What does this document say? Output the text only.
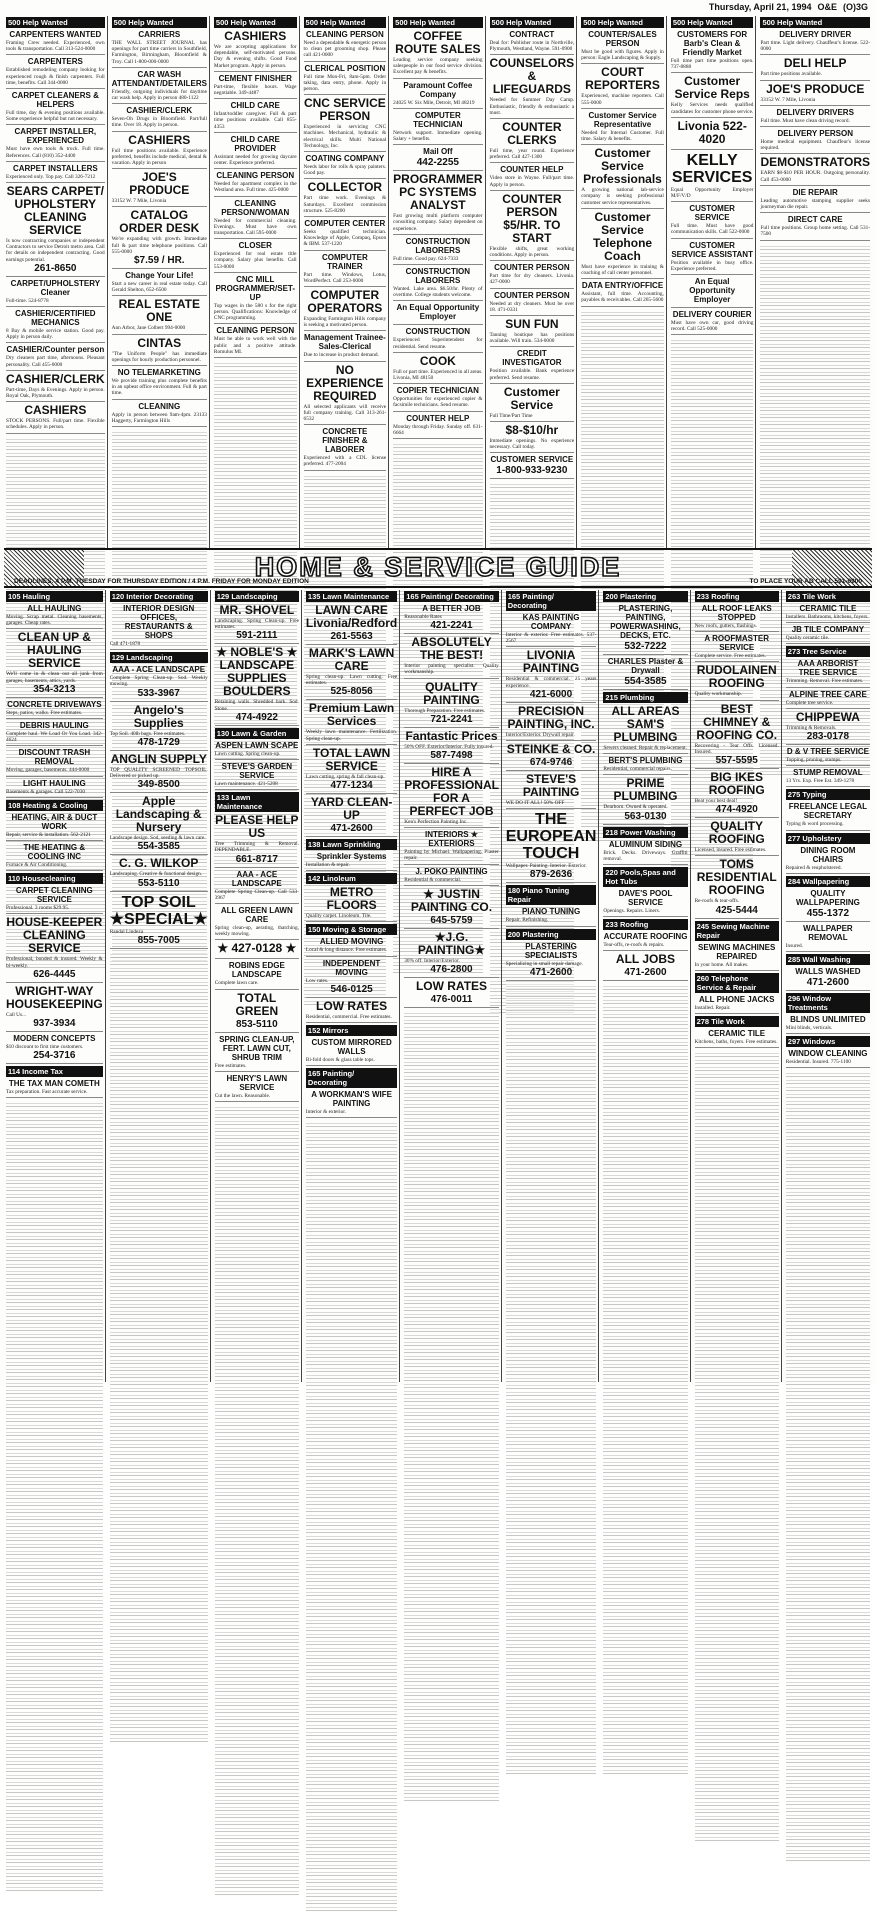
Thursday, April 21, 1994 O&E (O)3G
500 Help Wanted
CARPENTERS WANTED
Framing Crew needed. Experienced, own tools & transportation. Call 313-524-0000
CARPENTERS
Established remodeling company looking for experienced rough & finish carpenters. Full time, benefits. Call 344-0000
CARPET CLEANERS & HELPERS
Full time, day & evening positions available. Some experience helpful but not necessary.
CARPET INSTALLER, EXPERIENCED
Must have own tools & truck. Full time. References. Call (810) 352-4400
CARPET INSTALLERS
Experienced only. Top pay. Call 326-7212
SEARS CARPET/ UPHOLSTERY CLEANING SERVICE
Is now contracting companies or independent Contractors to service Detroit metro area. Call for details on independent contracting. Good earnings potential.
261-8650
CARPET/UPHOLSTERY Cleaner
Full-time. 524-8778
CASHIER/CERTIFIED MECHANICS
8 Bay & mobile service station. Good pay. Apply in person daily.
CASHIER/Counter person
Dry cleaners part time, afternoons. Pleasant personality. Call 455-0000
CASHIER/CLERK
Part-time, Days & Evenings. Apply in person. Royal Oak, Plymouth.
CASHIERS
STOCK PERSONS. Full/part time. Flexible schedules. Apply in person.
500 Help Wanted
CARRIERS
THE WALL STREET JOURNAL has openings for part time carriers in Southfield, Farmington, Birmingham, Bloomfield & Troy. Call 1-800-000-0000
CAR WASH ATTENDANT/DETAILERS
Friendly, outgoing individuals for daytime car wash help. Apply in person 480-1122
CASHIER/CLERK
Seven-Oh Drugs in Bloomfield. Part/full time. Over 18. Apply in person.
CASHIERS
Full time positions available. Experience preferred, benefits include medical, dental & vacation. Apply in person
JOE'S PRODUCE
33152 W. 7 Mile, Livonia
CATALOG ORDER DESK
We're expanding with growth. Immediate full & part time telephone positions. Call 555-0000
$7.59 / HR.
Change Your Life!
Start a new career in real estate today. Call Gerald Shelton, 652-6500
REAL ESTATE ONE
Ann Arbor, Jane Colbert 994-0000
CINTAS
"The Uniform People" has immediate openings for hourly production personnel.
NO TELEMARKETING
We provide training plus complete benefits in an upbeat office environment. Full & part time.
CLEANING
Apply in person between 9am-4pm. 23133 Haggerty, Farmington Hills
500 Help Wanted
CASHIERS
We are accepting applications for dependable, self-motivated persons. Day & evening shifts. Good Food Market program. Apply in person.
CEMENT FINISHER
Part-time, flexible hours. Wage negotiable. 349-4487
CHILD CARE
Infant/toddler caregiver. Full & part time positions available. Call 855-4353
CHILD CARE PROVIDER
Assistant needed for growing daycare center. Experience preferred.
CLEANING PERSON
Needed for apartment complex in the Westland area. Full time. 425-0000
CLEANING PERSON/WOMAN
Needed for commercial cleaning. Evenings. Must have own transportation. Call 595-0000
CLOSER
Experienced for real estate title company. Salary plus benefits. Call 553-0000
CNC MILL PROGRAMMER/SET-UP
Top wages in the 580 s for the right person. Qualifications: Knowledge of CNC programming.
CLEANING PERSON
Must be able to work well with the public and a positive attitude. Romulus MI.
500 Help Wanted
CLEANING PERSON
Need a dependable & energetic person to clean pet grooming shop. Please call 421-0000
CLERICAL POSITION
Full time Mon-Fri, 8am-5pm. Order taking, data entry, phone. Apply in person.
CNC SERVICE PERSON
Experienced in servicing CNC machines. Mechanical, hydraulic & electrical skills. Multi National Technology, Inc.
COATING COMPANY
Needs labor for rolls & spray painters. Good pay.
COLLECTOR
Part time work. Evenings & Saturdays. Excellent commission structure. 525-8200
COMPUTER CENTER
Seeks qualified technician. Knowledge of Apple, Compaq, Epson & IBM. 537-1220
COMPUTER TRAINER
Part time. Windows, Lotus, WordPerfect. Call 253-0000
COMPUTER OPERATORS
Expanding Farmington Hills company is seeking a motivated person.
Management Trainee-Sales-Clerical
Due to increase in product demand.
NO EXPERIENCE REQUIRED
All selected applicants will receive full company training. Call 313-261-6532
CONCRETE FINISHER & LABORER
Experienced with a CDL license preferred. 477-2004
500 Help Wanted
COFFEE ROUTE SALES
Leading service company seeking salespeople in our food service division. Excellent pay & benefits.
Paramount Coffee Company
24025 W. Six Mile, Detroit, MI 48219
COMPUTER TECHNICIAN
Network support. Immediate opening. Salary + benefits.
Mail Off
442-2255
PROGRAMMER PC SYSTEMS ANALYST
Fast growing multi platform computer consulting company. Salary dependent on experience.
CONSTRUCTION LABORERS
Full time. Good pay. 624-7333
CONSTRUCTION LABORERS
Wanted. Lake area. $6.50/hr. Plenty of overtime. College students welcome.
An Equal Opportunity Employer
CONSTRUCTION
Experienced Superintendent for residential. Send resume.
COOK
Full or part time. Experienced in all areas. Livonia, MI 48150
COPIER TECHNICIAN
Opportunities for experienced copier & facsimile technicians. Send resume.
COUNTER HELP
Monday through Friday. Sunday off. 631-6664
500 Help Wanted
CONTRACT
Deal for: Publisher route in Northville, Plymouth, Westland, Wayne. 591-0900
COUNSELORS & LIFEGUARDS
Needed for Summer Day Camp. Enthusiastic, friendly & enthusiastic a must.
COUNTER CLERKS
Full time, year round. Experience preferred. Call 427-1300
COUNTER HELP
Video store in Wayne. Full/part time. Apply in person.
COUNTER PERSON $5/HR. TO START
Flexible shifts, great working conditions. Apply in person.
COUNTER PERSON
Part time for dry cleaners. Livonia. 427-0000
COUNTER PERSON
Needed at dry cleaners. Must be over 18. 471-0331
SUN FUN
Tanning boutique has positions available. Will train. 534-0000
CREDIT INVESTIGATOR
Position available. Bank experience preferred. Send resume.
Customer Service
Full Time/Part Time
$8-$10/hr
Immediate openings. No experience necessary. Call today.
CUSTOMER SERVICE
1-800-933-9230
500 Help Wanted
COUNTER/SALES PERSON
Must be good with figures. Apply in person: Eagle Landscaping & Supply.
COURT REPORTERS
Experienced, machine reporters. Call 555-0000
Customer Service Representative
Needed for Internal Customer. Full time. Salary & benefits.
Customer Service Professionals
A growing national lab-service company is seeking professional customer service representatives.
Customer Service Telephone Coach
Must have experience in training & coaching of call center personnel.
DATA ENTRY/OFFICE
Assistant, full time. Accounting, payables & receivables. Call 265-5600
500 Help Wanted
CUSTOMERS FOR Barb's Clean & Friendly Market
Full time part time positions open. 737-8888
Customer Service Reps
Kelly Services needs qualified candidates for customer phone service.
Livonia 522-4020
KELLY SERVICES
Equal Opportunity Employer M/F/V/D
CUSTOMER SERVICE
Full time. Must have good communication skills. Call 522-0000
CUSTOMER SERVICE ASSISTANT
Position available in busy office. Experience preferred.
An Equal Opportunity Employer
DELIVERY COURIER
Must have own car, good driving record. Call 525-0000
500 Help Wanted
DELIVERY DRIVER
Part time. Light delivery. Chauffeur's license. 522-0000
DELI HELP
Part time positions available.
JOE'S PRODUCE
33152 W. 7 Mile, Livonia
DELIVERY DRIVERS
Full time. Must have clean driving record.
DELIVERY PERSON
Home medical equipment. Chauffeur's license required.
DEMONSTRATORS
EARN $8-$10 PER HOUR. Outgoing personality. Call 453-0000
DIE REPAIR
Leading automotive stamping supplier seeks journeyman die repair.
DIRECT CARE
Full time positions. Group home setting. Call 531-7500
HOME & SERVICE GUIDE
DEADLINES: 4 P.M. TUESDAY FOR THURSDAY EDITION / 4 P.M. FRIDAY FOR MONDAY EDITION	TO PLACE YOUR AD CALL 591-0900
105 Hauling
ALL HAULING
Moving. Scrap metal. Cleaning basements, garages. Cheap rates.
CLEAN UP & HAULING SERVICE
We'll come in & clean out all junk from garages, basements, attics, yards.
354-3213
CONCRETE DRIVEWAYS
Steps, patios, walks. Free estimates.
DEBRIS HAULING
Complete haul. We Load Or You Load. 342-4624
DISCOUNT TRASH REMOVAL
Moving, garages, basements. 444-0000
LIGHT HAULING
Basements & garages. Call 522-7030
108 Heating & Cooling
HEATING, AIR & DUCT WORK
Repair, service & installation. 562-2121
THE HEATING & COOLING INC
Furnace & Air Conditioning.
110 Housecleaning
CARPET CLEANING SERVICE
Professional. 3 rooms $29.95.
HOUSE-KEEPER CLEANING SERVICE
Professional, bonded & insured. Weekly & bi-weekly.
626-4445
WRIGHT-WAY HOUSEKEEPING
Call Us...
937-3934
MODERN CONCEPTS
$10 discount to first time customers.
254-3716
114 Income Tax
THE TAX MAN COMETH
Tax preparation. Fast accurate service.
120 Interior Decorating
INTERIOR DESIGN OFFICES, RESTAURANTS & SHOPS
Call 471-1878
129 Landscaping
AAA - ACE LANDSCAPE
Complete Spring Clean-up. Sod. Weekly mowing.
533-3967
Angelo's Supplies
Top Soil. 40lb bags. Free estimates.
478-1729
ANGLIN SUPPLY
TOP QUALITY SCREENED TOPSOIL. Delivered or picked up.
349-8500
Apple Landscaping & Nursery
Landscape design. Sod, seeding & lawn care.
554-3585
C. G. WILKOP
Landscaping. Creative & functional design.
553-5110
TOP SOIL ★SPECIAL★
Randal Lindeza
855-7005
129 Landscaping
MR. SHOVEL
Landscaping. Spring Clean-up. Free estimates.
591-2111
★ NOBLE'S ★ LANDSCAPE SUPPLIES BOULDERS
Retaining walls. Shredded bark. Sod. Stone.
474-4922
130 Lawn & Garden
ASPEN LAWN SCAPE
Lawn cutting. Spring clean-up.
STEVE'S GARDEN SERVICE
Lawn maintenance. 421-5208
133 Lawn Maintenance
PLEASE HELP US
Tree Trimming & Removal. DEPENDABLE.
661-8717
AAA - ACE LANDSCAPE
Complete Spring Clean-up. Call 533-3967
ALL GREEN LAWN CARE
Spring clean-up, aerating, thatching, weekly mowing.
★ 427-0128 ★
ROBINS EDGE LANDSCAPE
Complete lawn care.
TOTAL GREEN
853-5110
SPRING CLEAN-UP, FERT. LAWN CUT, SHRUB TRIM
Free estimates.
HENRY'S LAWN SERVICE
Cut the lawn. Reasonable.
135 Lawn Maintenance
LAWN CARE Livonia/Redford
261-5563
MARK'S LAWN CARE
Spring clean-up. Lawn cutting. Free estimates.
525-8056
Premium Lawn Services
Weekly lawn maintenance. Fertilization. Spring clean-up.
TOTAL LAWN SERVICE
Lawn cutting, spring & fall clean-up.
477-1234
YARD CLEAN-UP
471-2600
138 Lawn Sprinkling
Sprinkler Systems
Installation & repair.
142 Linoleum
METRO FLOORS
Quality carpet. Linoleum. Tile.
150 Moving & Storage
ALLIED MOVING
Local & long distance. Free estimates.
INDEPENDENT MOVING
Low rates.
546-0125
LOW RATES
Residential, commercial. Free estimates.
152 Mirrors
CUSTOM MIRRORED WALLS
Bi-fold doors & glass table tops.
165 Painting/ Decorating
A WORKMAN'S WIFE PAINTING
Interior & exterior.
165 Painting/ Decorating
A BETTER JOB
Reasonable Rates
421-2241
ABSOLUTELY THE BEST!
Interior painting specialist. Quality workmanship.
QUALITY PAINTING
Thorough Preparation. Free estimates.
721-2241
Fantastic Prices
50% OFF. Exterior/Interior. Fully insured.
587-7498
HIRE A PROFESSIONAL FOR A PERFECT JOB
Ken's Perfection Painting Inc.
INTERIORS ★ EXTERIORS
Painting by Michael. Wallpapering. Plaster repair.
J. POKO PAINTING
Residential & commercial.
★ JUSTIN PAINTING CO.
645-5759
★J.G. PAINTING★
30% off. Interior/Exterior.
476-2800
LOW RATES
476-0011
165 Painting/ Decorating
KAS PAINTING COMPANY
Interior & exterior. Free estimates. 537-2567
LIVONIA PAINTING
Residential & commercial. 25 years experience.
421-6000
PRECISION PAINTING, INC.
Interior/Exterior. Drywall repair.
STEINKE & CO.
674-9746
STEVE'S PAINTING
WE DO IT ALL! 50% OFF
THE EUROPEAN TOUCH
Wallpaper. Painting. Interior. Exterior.
879-2636
180 Piano Tuning Repair
PIANO TUNING
Repair. Refinishing.
200 Plastering
PLASTERING SPECIALISTS
Specializing in small repair damage.
471-2600
200 Plastering
PLASTERING, PAINTING, POWERWASHING, DECKS, ETC.
532-7222
CHARLES Plaster & Drywall
554-3585
215 Plumbing
ALL AREAS SAM'S PLUMBING
Sewers cleaned. Repair & replacement.
BERT'S PLUMBING
Residential, commercial repairs.
PRIME PLUMBING
Dearborn. Owned & operated.
563-0130
218 Power Washing
ALUMINUM SIDING
Brick. Decks. Driveways. Graffiti removal.
220 Pools,Spas and Hot Tubs
DAVE'S POOL SERVICE
Openings. Repairs. Liners.
233 Roofing
ACCURATE ROOFING
Tear-offs, re-roofs & repairs.
ALL JOBS
471-2600
233 Roofing
ALL ROOF LEAKS STOPPED
New roofs, gutters, flashings.
A ROOFMASTER SERVICE
Complete service. Free estimates.
RUDOLAINEN ROOFING
Quality workmanship.
BEST CHIMNEY & ROOFING CO.
Recovering - Tear Offs. Licensed. Insured.
557-5595
BIG IKES ROOFING
Beat your best deal!
474-4920
QUALITY ROOFING
Licensed, insured. Free estimates.
TOMS RESIDENTIAL ROOFING
Re-roofs & tear-offs.
425-5444
245 Sewing Machine Repair
SEWING MACHINES REPAIRED
In your home. All makes.
260 Telephone Service & Repair
ALL PHONE JACKS
Installed. Repair.
278 Tile Work
CERAMIC TILE
Kitchens, baths, foyers. Free estimates.
263 Tile Work
CERAMIC TILE
Installers. Bathrooms, kitchens, foyers.
JB TILE COMPANY
Quality ceramic tile.
273 Tree Service
AAA ARBORIST TREE SERVICE
Trimming. Removal. Free estimates.
ALPINE TREE CARE
Complete tree service.
CHIPPEWA
Trimming & Removals.
283-0178
D & V TREE SERVICE
Topping, pruning, stumps.
STUMP REMOVAL
13 Yrs. Exp. Free Est. 349-1278
275 Typing
FREELANCE LEGAL SECRETARY
Typing & word processing.
277 Upholstery
DINING ROOM CHAIRS
Repaired & reupholstered.
284 Wallpapering
QUALITY WALLPAPERING
455-1372
WALLPAPER REMOVAL
Insured.
285 Wall Washing
WALLS WASHED
471-2600
296 Window Treatments
BLINDS UNLIMITED
Mini blinds, verticals.
297 Windows
WINDOW CLEANING
Residential. Insured. 775-1100
